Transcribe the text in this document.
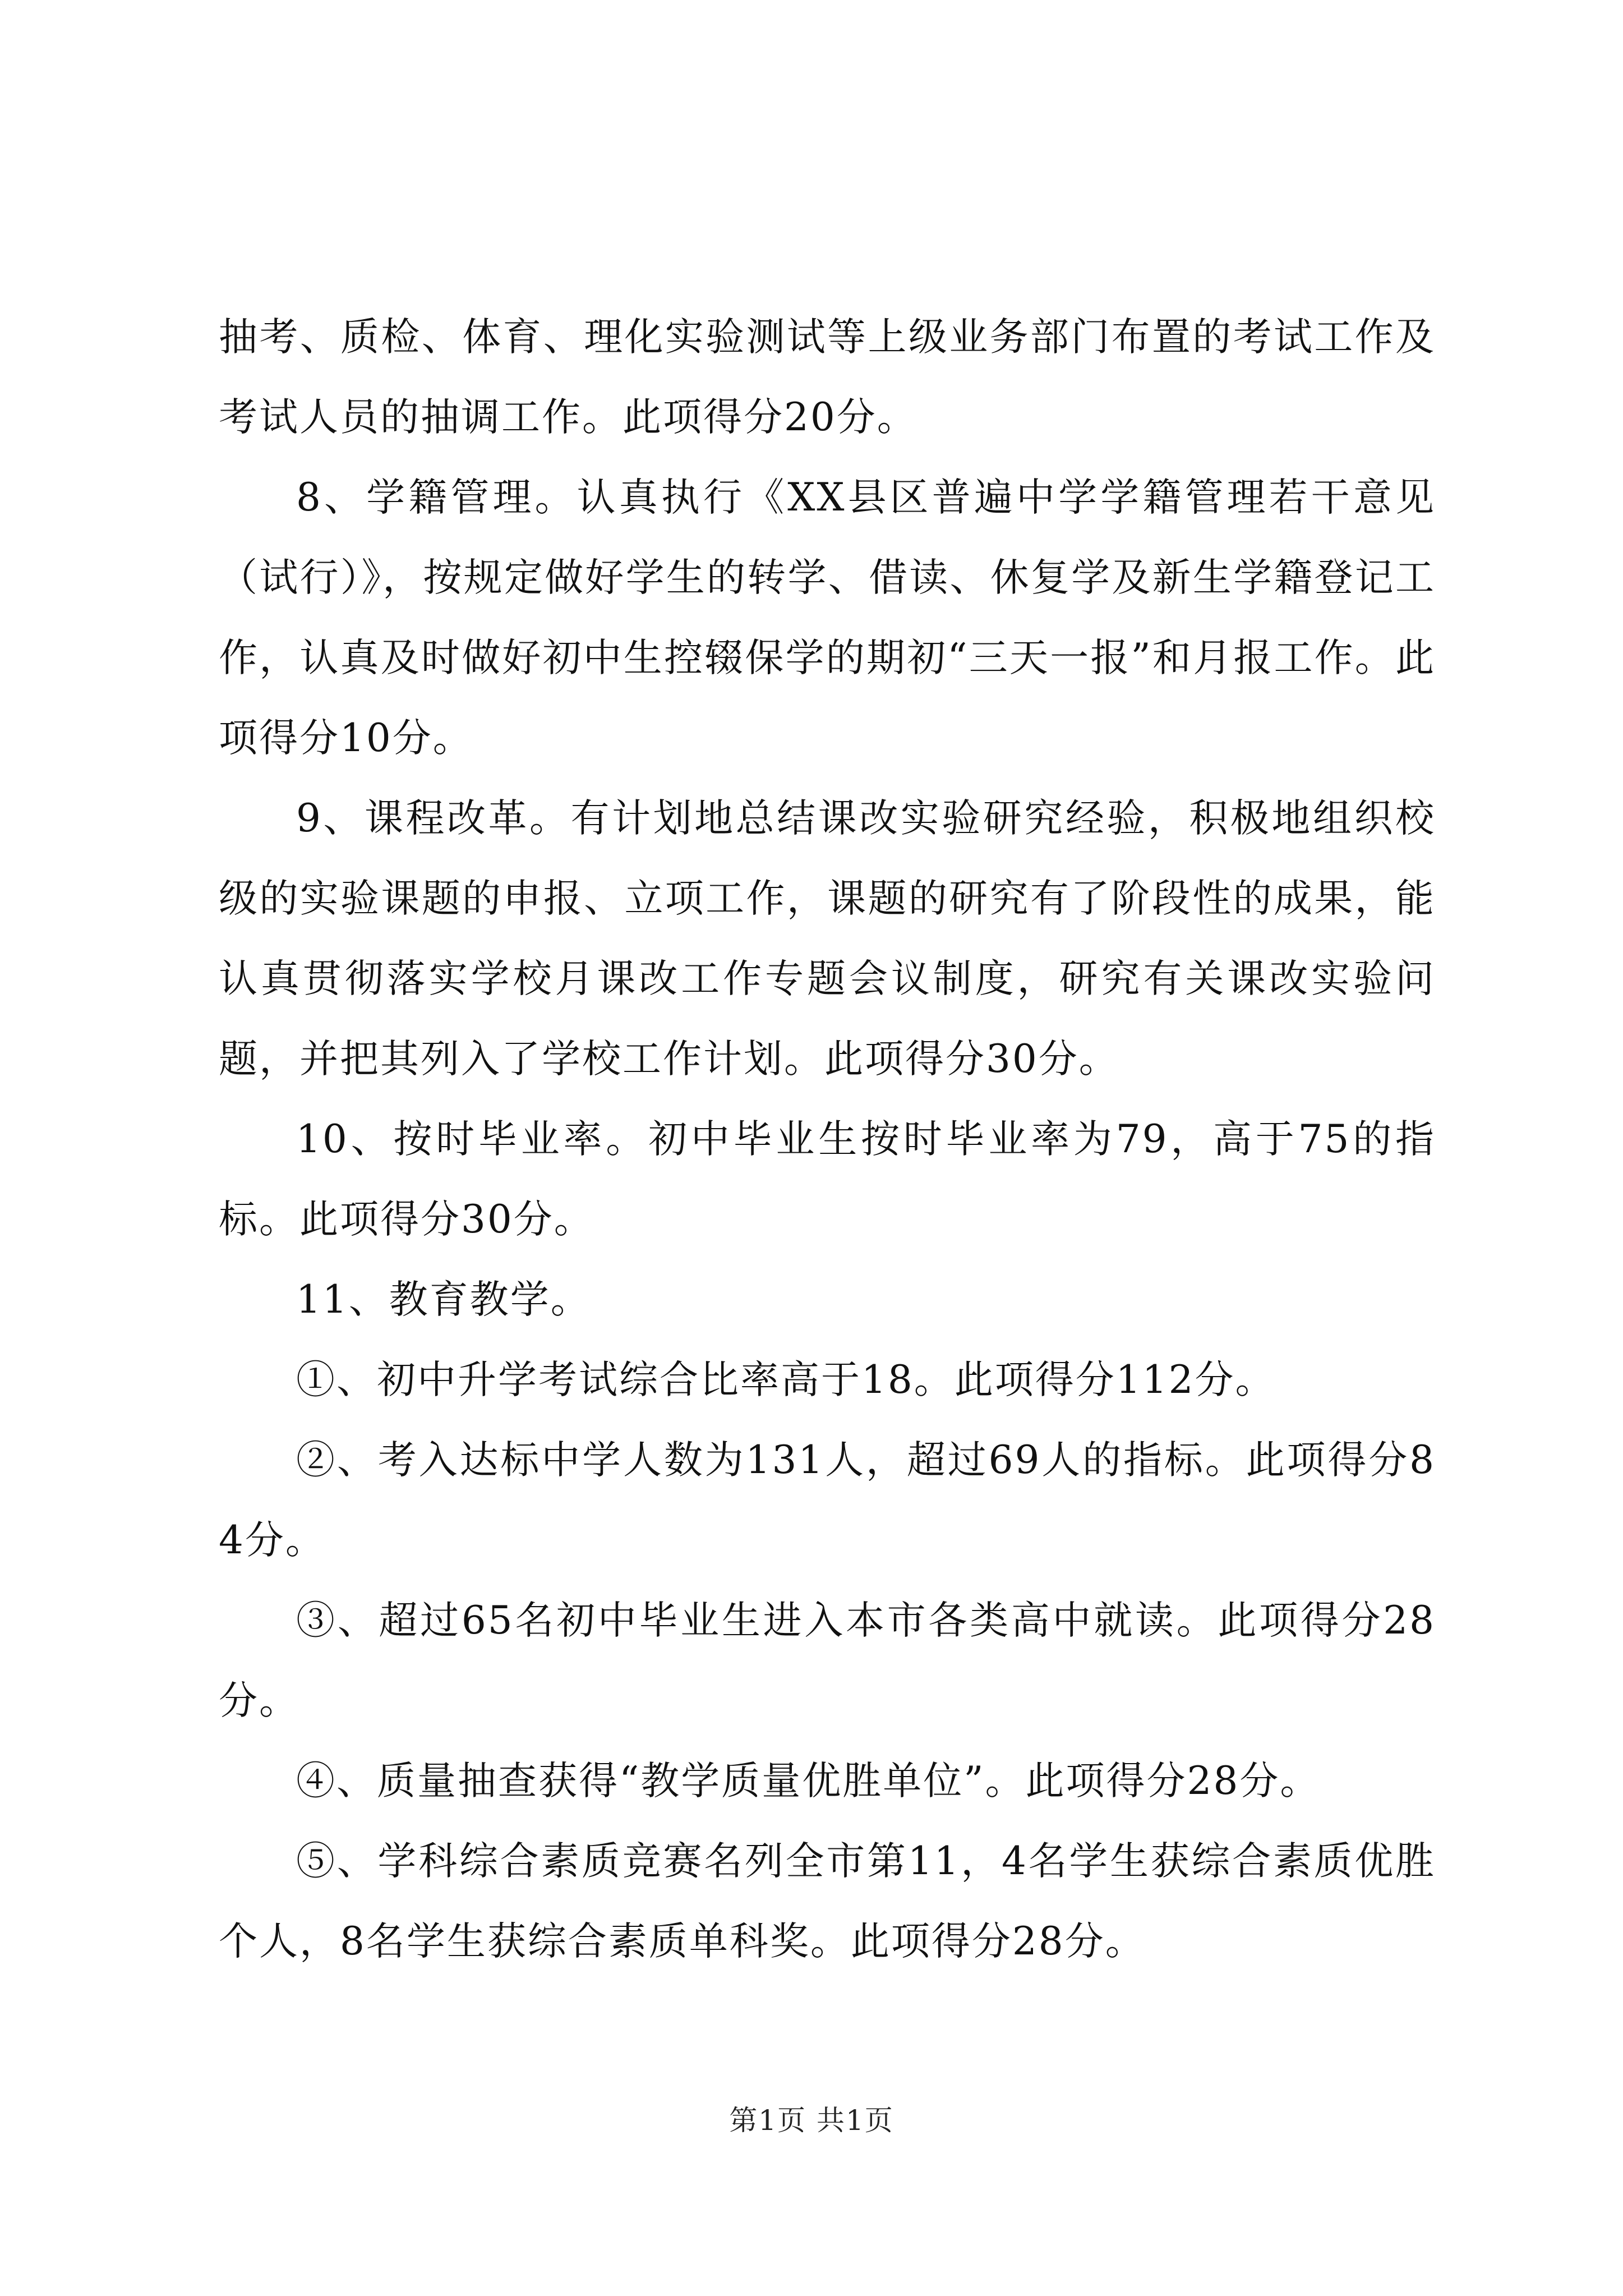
抽考、质检、体育、理化实验测试等上级业务部门布置的考试工作及考试人员的抽调工作。此项得分20分。

8、学籍管理。认真执行《XX县区普遍中学学籍管理若干意见（试行）》，按规定做好学生的转学、借读、休复学及新生学籍登记工作，认真及时做好初中生控辍保学的期初“三天一报”和月报工作。此项得分10分。

9、课程改革。有计划地总结课改实验研究经验，积极地组织校级的实验课题的申报、立项工作，课题的研究有了阶段性的成果，能认真贯彻落实学校月课改工作专题会议制度，研究有关课改实验问题，并把其列入了学校工作计划。此项得分30分。

10、按时毕业率。初中毕业生按时毕业率为79，高于75的指标。此项得分30分。

11、教育教学。

①、初中升学考试综合比率高于18。此项得分112分。

②、考入达标中学人数为131人，超过69人的指标。此项得分84分。

③、超过65名初中毕业生进入本市各类高中就读。此项得分28分。

④、质量抽查获得“教学质量优胜单位”。此项得分28分。

⑤、学科综合素质竞赛名列全市第11，4名学生获综合素质优胜个人，8名学生获综合素质单科奖。此项得分28分。

第1页 共1页
